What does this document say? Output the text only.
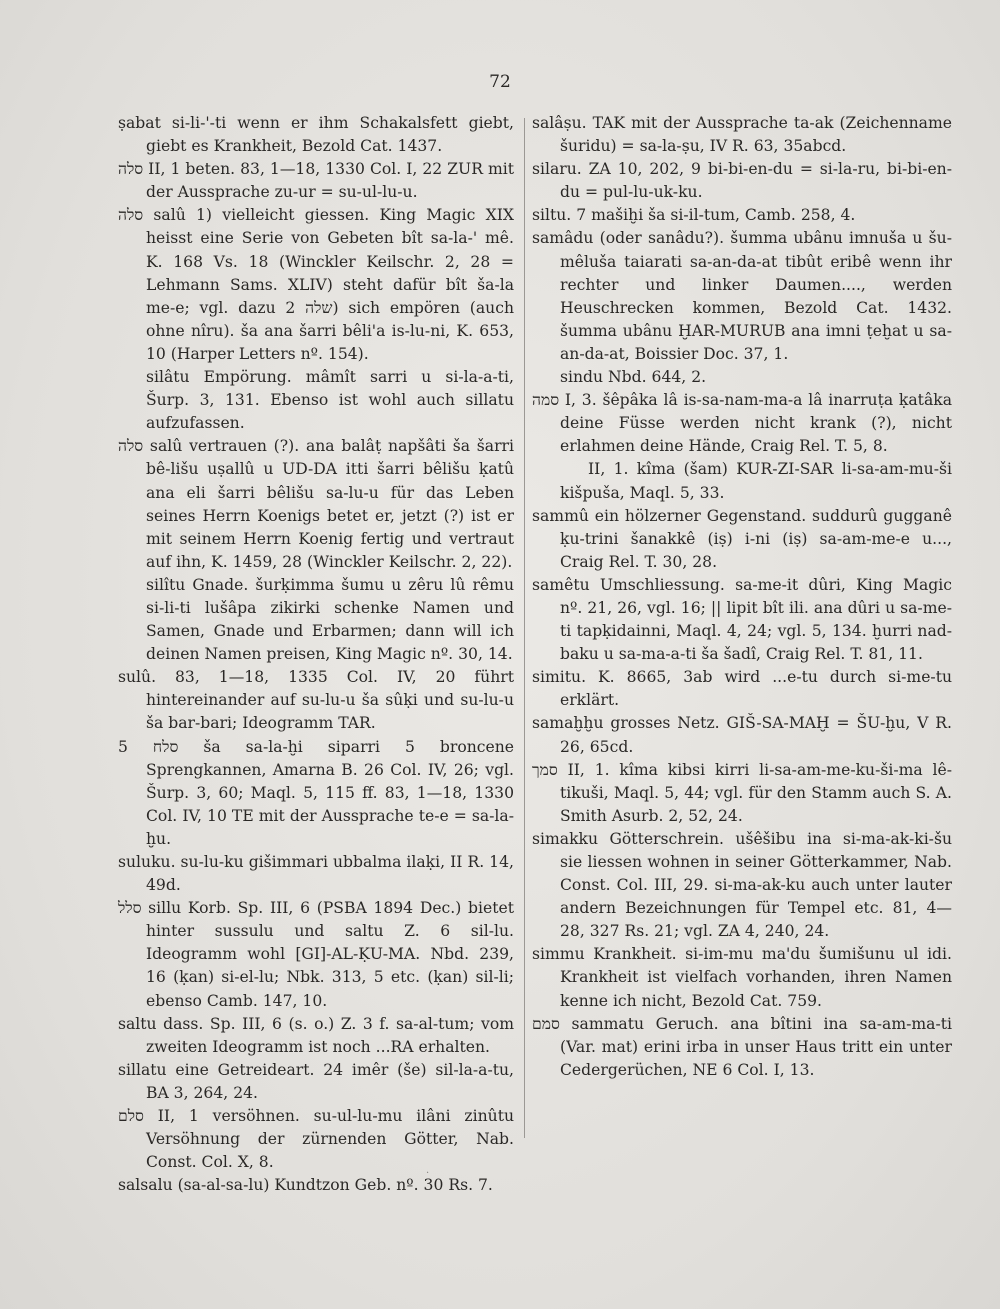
72

ṣabat si-li-'-ti wenn er ihm Schakalsfett giebt, giebt es Krankheit, Bezold Cat. 1437.

סלה II, 1 beten. 83, 1—18, 1330 Col. I, 22 ZUR mit der Aussprache zu-ur = su-ul-lu-u.

סלה salû 1) vielleicht giessen. King Magic XIX heisst eine Serie von Gebeten bît sa-la-' mê. K. 168 Vs. 18 (Winckler Keilschr. 2, 28 = Lehmann Sams. XLIV) steht dafür bît ša-la me-e; vgl. dazu שלה 2) sich empören (auch ohne nîru). ša ana šarri bêli'a is-lu-ni, K. 653, 10 (Harper Letters nº. 154).

silâtu Empörung. mâmît sarri u si-la-a-ti, Šurp. 3, 131. Ebenso ist wohl auch sillatu aufzufassen.

סלה salû vertrauen (?). ana balâṭ napšâti ša šarri bê-lišu uṣallû u UD-DA itti šarri bêlišu ḳatû ana eli šarri bêlišu sa-lu-u für das Leben seines Herrn Koenigs betet er, jetzt (?) ist er mit seinem Herrn Koenig fertig und vertraut auf ihn, K. 1459, 28 (Winckler Keilschr. 2, 22).

silîtu Gnade. šurḳimma šumu u zêru lû rêmu si-li-ti lušâpa zikirki schenke Namen und Samen, Gnade und Erbarmen; dann will ich deinen Namen preisen, King Magic nº. 30, 14.

sulû. 83, 1—18, 1335 Col. IV, 20 führt hintereinander auf su-lu-u ša sûḳi und su-lu-u ša bar-bari; Ideogramm TAR.

סלח 5 ša sa-la-ḫi siparri 5 broncene Sprengkannen, Amarna B. 26 Col. IV, 26; vgl. Šurp. 3, 60; Maql. 5, 115 ff. 83, 1—18, 1330 Col. IV, 10 TE mit der Aussprache te-e = sa-la-ḫu.

suluku. su-lu-ku gišimmari ubbalma ilaḳi, II R. 14, 49d.

סלל sillu Korb. Sp. III, 6 (PSBA 1894 Dec.) bietet hinter sussulu und saltu Z. 6 sil-lu. Ideogramm wohl [GI]-AL-ḲU-MA. Nbd. 239, 16 (ḳan) si-el-lu; Nbk. 313, 5 etc. (ḳan) sil-li; ebenso Camb. 147, 10.

saltu dass. Sp. III, 6 (s. o.) Z. 3 f. sa-al-tum; vom zweiten Ideogramm ist noch ...RA erhalten.

sillatu eine Getreideart. 24 imêr (še) sil-la-a-tu, BA 3, 264, 24.

סלם II, 1 versöhnen. su-ul-lu-mu ilâni zinûtu Versöhnung der zürnenden Götter, Nab. Const. Col. X, 8.

salsalu (sa-al-sa-lu) Kundtzon Geb. nº. 30 Rs. 7.

salâṣu. TAK mit der Aussprache ta-ak (Zeichenname šuridu) = sa-la-ṣu, IV R. 63, 35abcd.

silaru. ZA 10, 202, 9 bi-bi-en-du = si-la-ru, bi-bi-en-du = pul-lu-uk-ku.

siltu. 7 mašiḫi ša si-il-tum, Camb. 258, 4.

samâdu (oder sanâdu?). šumma ubânu imnuša u šu-mêluša taiarati sa-an-da-at tibût eribê wenn ihr rechter und linker Daumen...., werden Heuschrecken kommen, Bezold Cat. 1432. šumma ubânu ḪAR-MURUB ana imni ṭeḫat u sa-an-da-at, Boissier Doc. 37, 1.

sindu Nbd. 644, 2.

סמה I, 3. šêpâka lâ is-sa-nam-ma-a lâ inarruṭa ḳatâka deine Füsse werden nicht krank (?), nicht erlahmen deine Hände, Craig Rel. T. 5, 8.

II, 1. kîma (šam) KUR-ZI-SAR li-sa-am-mu-ši kišpuša, Maql. 5, 33.

sammû ein hölzerner Gegenstand. suddurû gugganê ḳu-trini šanakkê (iṣ) i-ni (iṣ) sa-am-me-e u..., Craig Rel. T. 30, 28.

samêtu Umschliessung. sa-me-it dûri, King Magic nº. 21, 26, vgl. 16; || lipit bît ili. ana dûri u sa-me-ti tapḳidainni, Maql. 4, 24; vgl. 5, 134. ḫurri nad-baku u sa-ma-a-ti ša šadî, Craig Rel. T. 81, 11.

simitu. K. 8665, 3ab wird ...e-tu durch si-me-tu erklärt.

samaḫḫu grosses Netz. GIŠ-SA-MAḪ = ŠU-ḫu, V R. 26, 65cd.

סמך II, 1. kîma kibsi kirri li-sa-am-me-ku-ši-ma lê-tikuši, Maql. 5, 44; vgl. für den Stamm auch S. A. Smith Asurb. 2, 52, 24.

simakku Götterschrein. ušêšibu ina si-ma-ak-ki-šu sie liessen wohnen in seiner Götterkammer, Nab. Const. Col. III, 29. si-ma-ak-ku auch unter lauter andern Bezeichnungen für Tempel etc. 81, 4—28, 327 Rs. 21; vgl. ZA 4, 240, 24.

simmu Krankheit. si-im-mu ma'du šumišunu ul idi. Krankheit ist vielfach vorhanden, ihren Namen kenne ich nicht, Bezold Cat. 759.

סמם sammatu Geruch. ana bîtini ina sa-am-ma-ti (Var. mat) erini irba in unser Haus tritt ein unter Cedergerüchen, NE 6 Col. I, 13.

·
